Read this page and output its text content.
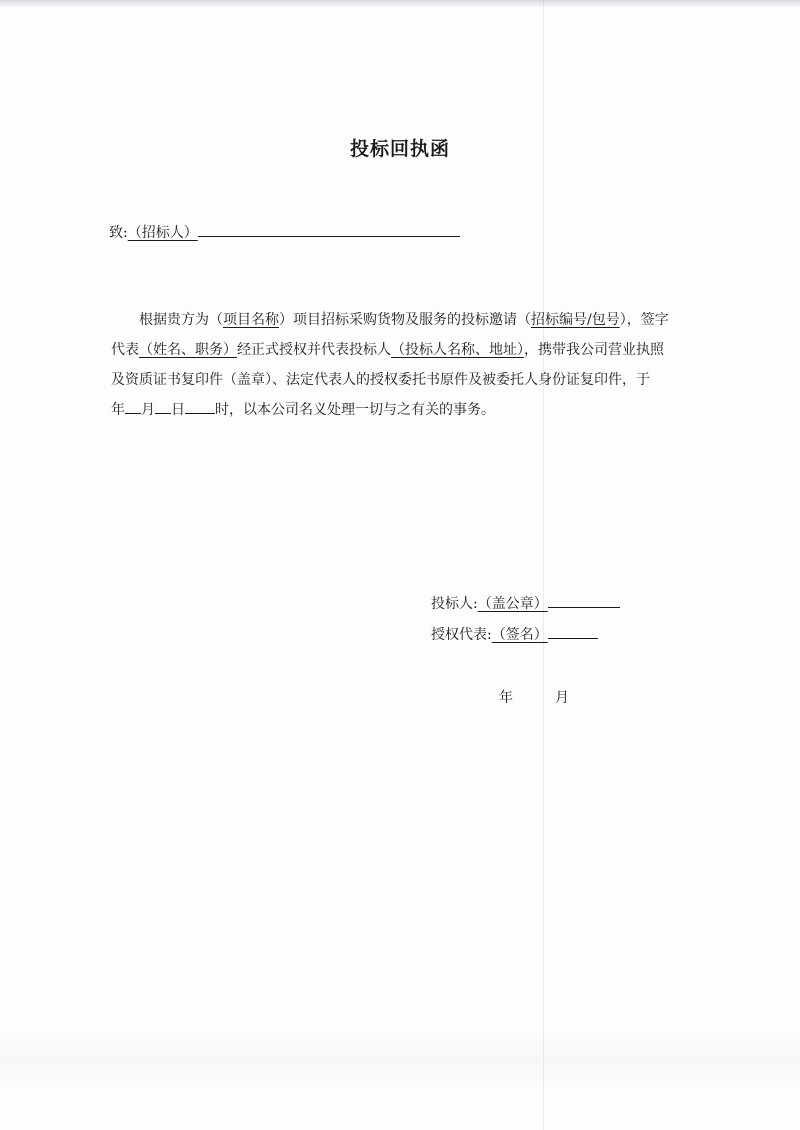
投标回执函
致:（招标人）
根据贵方为（项目名称）项目招标采购货物及服务的投标邀请（招标编号/包号），签字
代表（姓名、职务）经正式授权并代表投标人（投标人名称、地址），携带我公司营业执照
及资质证书复印件（盖章）、法定代表人的授权委托书原件及被委托人身份证复印件，于
年 月 日 时，以本公司名义处理一切与之有关的事务。
投标人:（盖公章）
授权代表:（签名）
年	月
